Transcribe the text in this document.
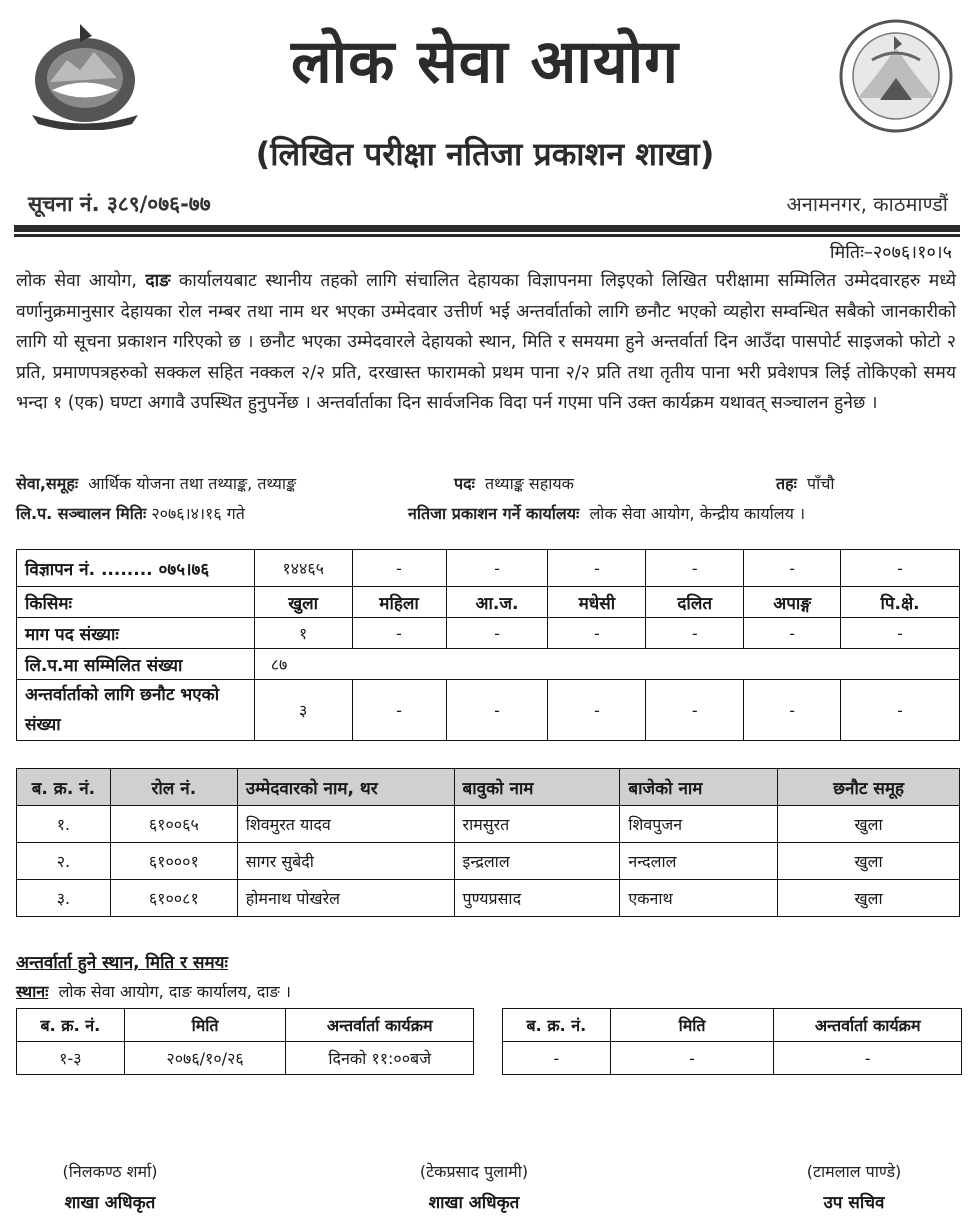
लोक सेवा आयोग
(लिखित परीक्षा नतिजा प्रकाशन शाखा)
सूचना नं. ३८९/०७६-७७	अनामनगर, काठमाण्डौं
मितिः–२०७६।१०।५
लोक सेवा आयोग, दाङ कार्यालयबाट स्थानीय तहको लागि संचालित देहायका विज्ञापनमा लिइएको लिखित परीक्षामा सम्मिलित उम्मेदवारहरु मध्ये वर्णानुक्रमानुसार देहायका रोल नम्बर तथा नाम थर भएका उम्मेदवार उत्तीर्ण भई अन्तर्वार्ताको लागि छनौट भएको व्यहोरा सम्वन्धित सबैको जानकारीको लागि यो सूचना प्रकाशन गरिएको छ । छनौट भएका उम्मेदवारले देहायको स्थान, मिति र समयमा हुने अन्तर्वार्ता दिन आउँदा पासपोर्ट साइजको फोटो २ प्रति, प्रमाणपत्रहरुको सक्कल सहित नक्कल २/२ प्रति, दरखास्त फारामको प्रथम पाना २/२ प्रति तथा तृतीय पाना भरी प्रवेशपत्र लिई तोकिएको समय भन्दा १ (एक) घण्टा अगावै उपस्थित हुनुपर्नेछ । अन्तर्वार्ताका दिन सार्वजनिक विदा पर्न गएमा पनि उक्त कार्यक्रम यथावत् सञ्चालन हुनेछ ।
सेवा,समूहः आर्थिक योजना तथा तथ्याङ्क, तथ्याङ्क	पदः तथ्याङ्क सहायक	तहः पाँचौ
लि.प. सञ्चालन मितिः २०७६।४।१६ गते	नतिजा प्रकाशन गर्ने कार्यालयः लोक सेवा आयोग, केन्द्रीय कार्यालय ।
विज्ञापन नं. ........ ०७५।७६	१४४६५	-	-	-	-	-	-
किसिमः	खुला	महिला	आ.ज.	मधेसी	दलित	अपाङ्ग	पि.क्षे.
माग पद संख्याः	१	-	-	-	-	-	-
लि.प.मा सम्मिलित संख्या	८७						
अन्तर्वार्ताको लागि छनौट भएको संख्या	३	-	-	-	-	-	-
ब. क्र. नं.	रोल नं.	उम्मेदवारको नाम, थर	बावुको नाम	बाजेको नाम	छनौट समूह
१.	६१००६५	शिवमुरत यादव	रामसुरत	शिवपुजन	खुला
२.	६१०००१	सागर सुबेदी	इन्द्रलाल	नन्दलाल	खुला
३.	६१००८१	होमनाथ पोखरेल	पुण्यप्रसाद	एकनाथ	खुला
अन्तर्वार्ता हुने स्थान, मिति र समयः
स्थानः लोक सेवा आयोग, दाङ कार्यालय, दाङ ।
ब. क्र. नं.	मिति	अन्तर्वार्ता कार्यक्रम
१-३	२०७६/१०/२६	दिनको ११:००बजे
ब. क्र. नं.	मिति	अन्तर्वार्ता कार्यक्रम
-	-	-
(निलकण्ठ शर्मा)
शाखा अधिकृत
(टेकप्रसाद पुलामी)
शाखा अधिकृत
(टामलाल पाण्डे)
उप सचिव
